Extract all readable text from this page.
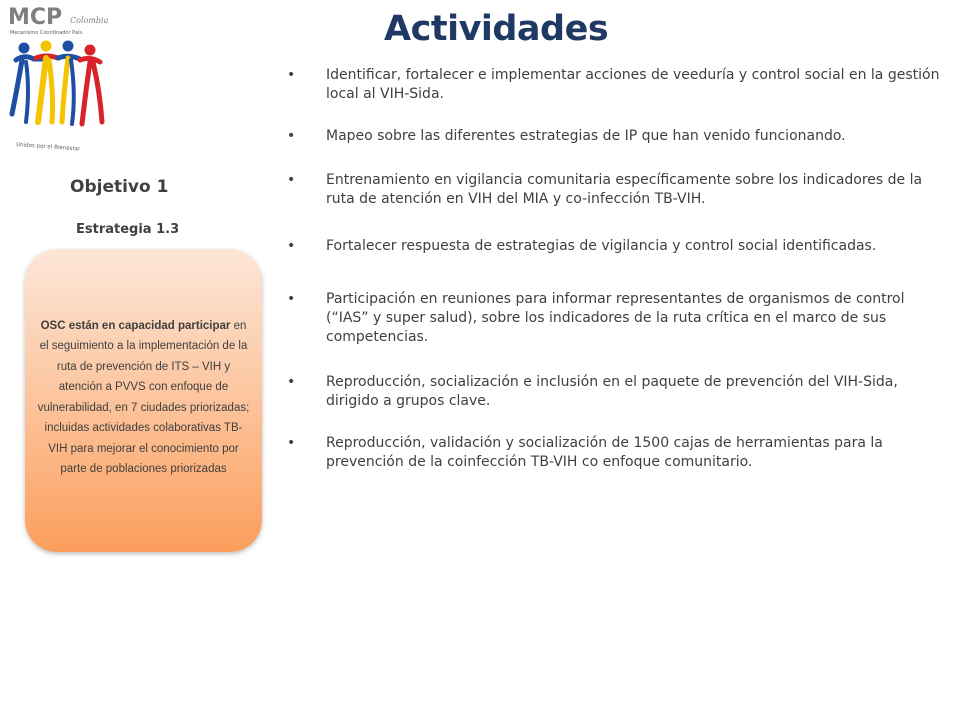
MCP Colombia
Mecanismo Coordinador País.
Unidos por el Bienestar
Actividades
Objetivo 1
Estrategia 1.3
OSC están en capacidad participar en el seguimiento a la implementación de la ruta de prevención de ITS – VIH y atención a PVVS con enfoque de vulnerabilidad, en 7 ciudades priorizadas; incluidas actividades colaborativas TB-VIH para mejorar el conocimiento por parte de poblaciones priorizadas
• Identificar, fortalecer e implementar acciones de veeduría y control social en la gestión local al VIH-Sida.
• Mapeo sobre las diferentes estrategias de IP que han venido funcionando.
• Entrenamiento en vigilancia comunitaria específicamente sobre los indicadores de la ruta de atención en VIH del MIA y co-infección TB-VIH.
• Fortalecer respuesta de estrategias de vigilancia y control social identificadas.
• Participación en reuniones para informar representantes de organismos de control (“IAS” y super salud), sobre los indicadores de la ruta crítica en el marco de sus competencias.
• Reproducción, socialización e inclusión en el paquete de prevención del VIH-Sida, dirigido a grupos clave.
• Reproducción, validación y socialización de 1500 cajas de herramientas para la prevención de la coinfección TB-VIH co enfoque comunitario.
